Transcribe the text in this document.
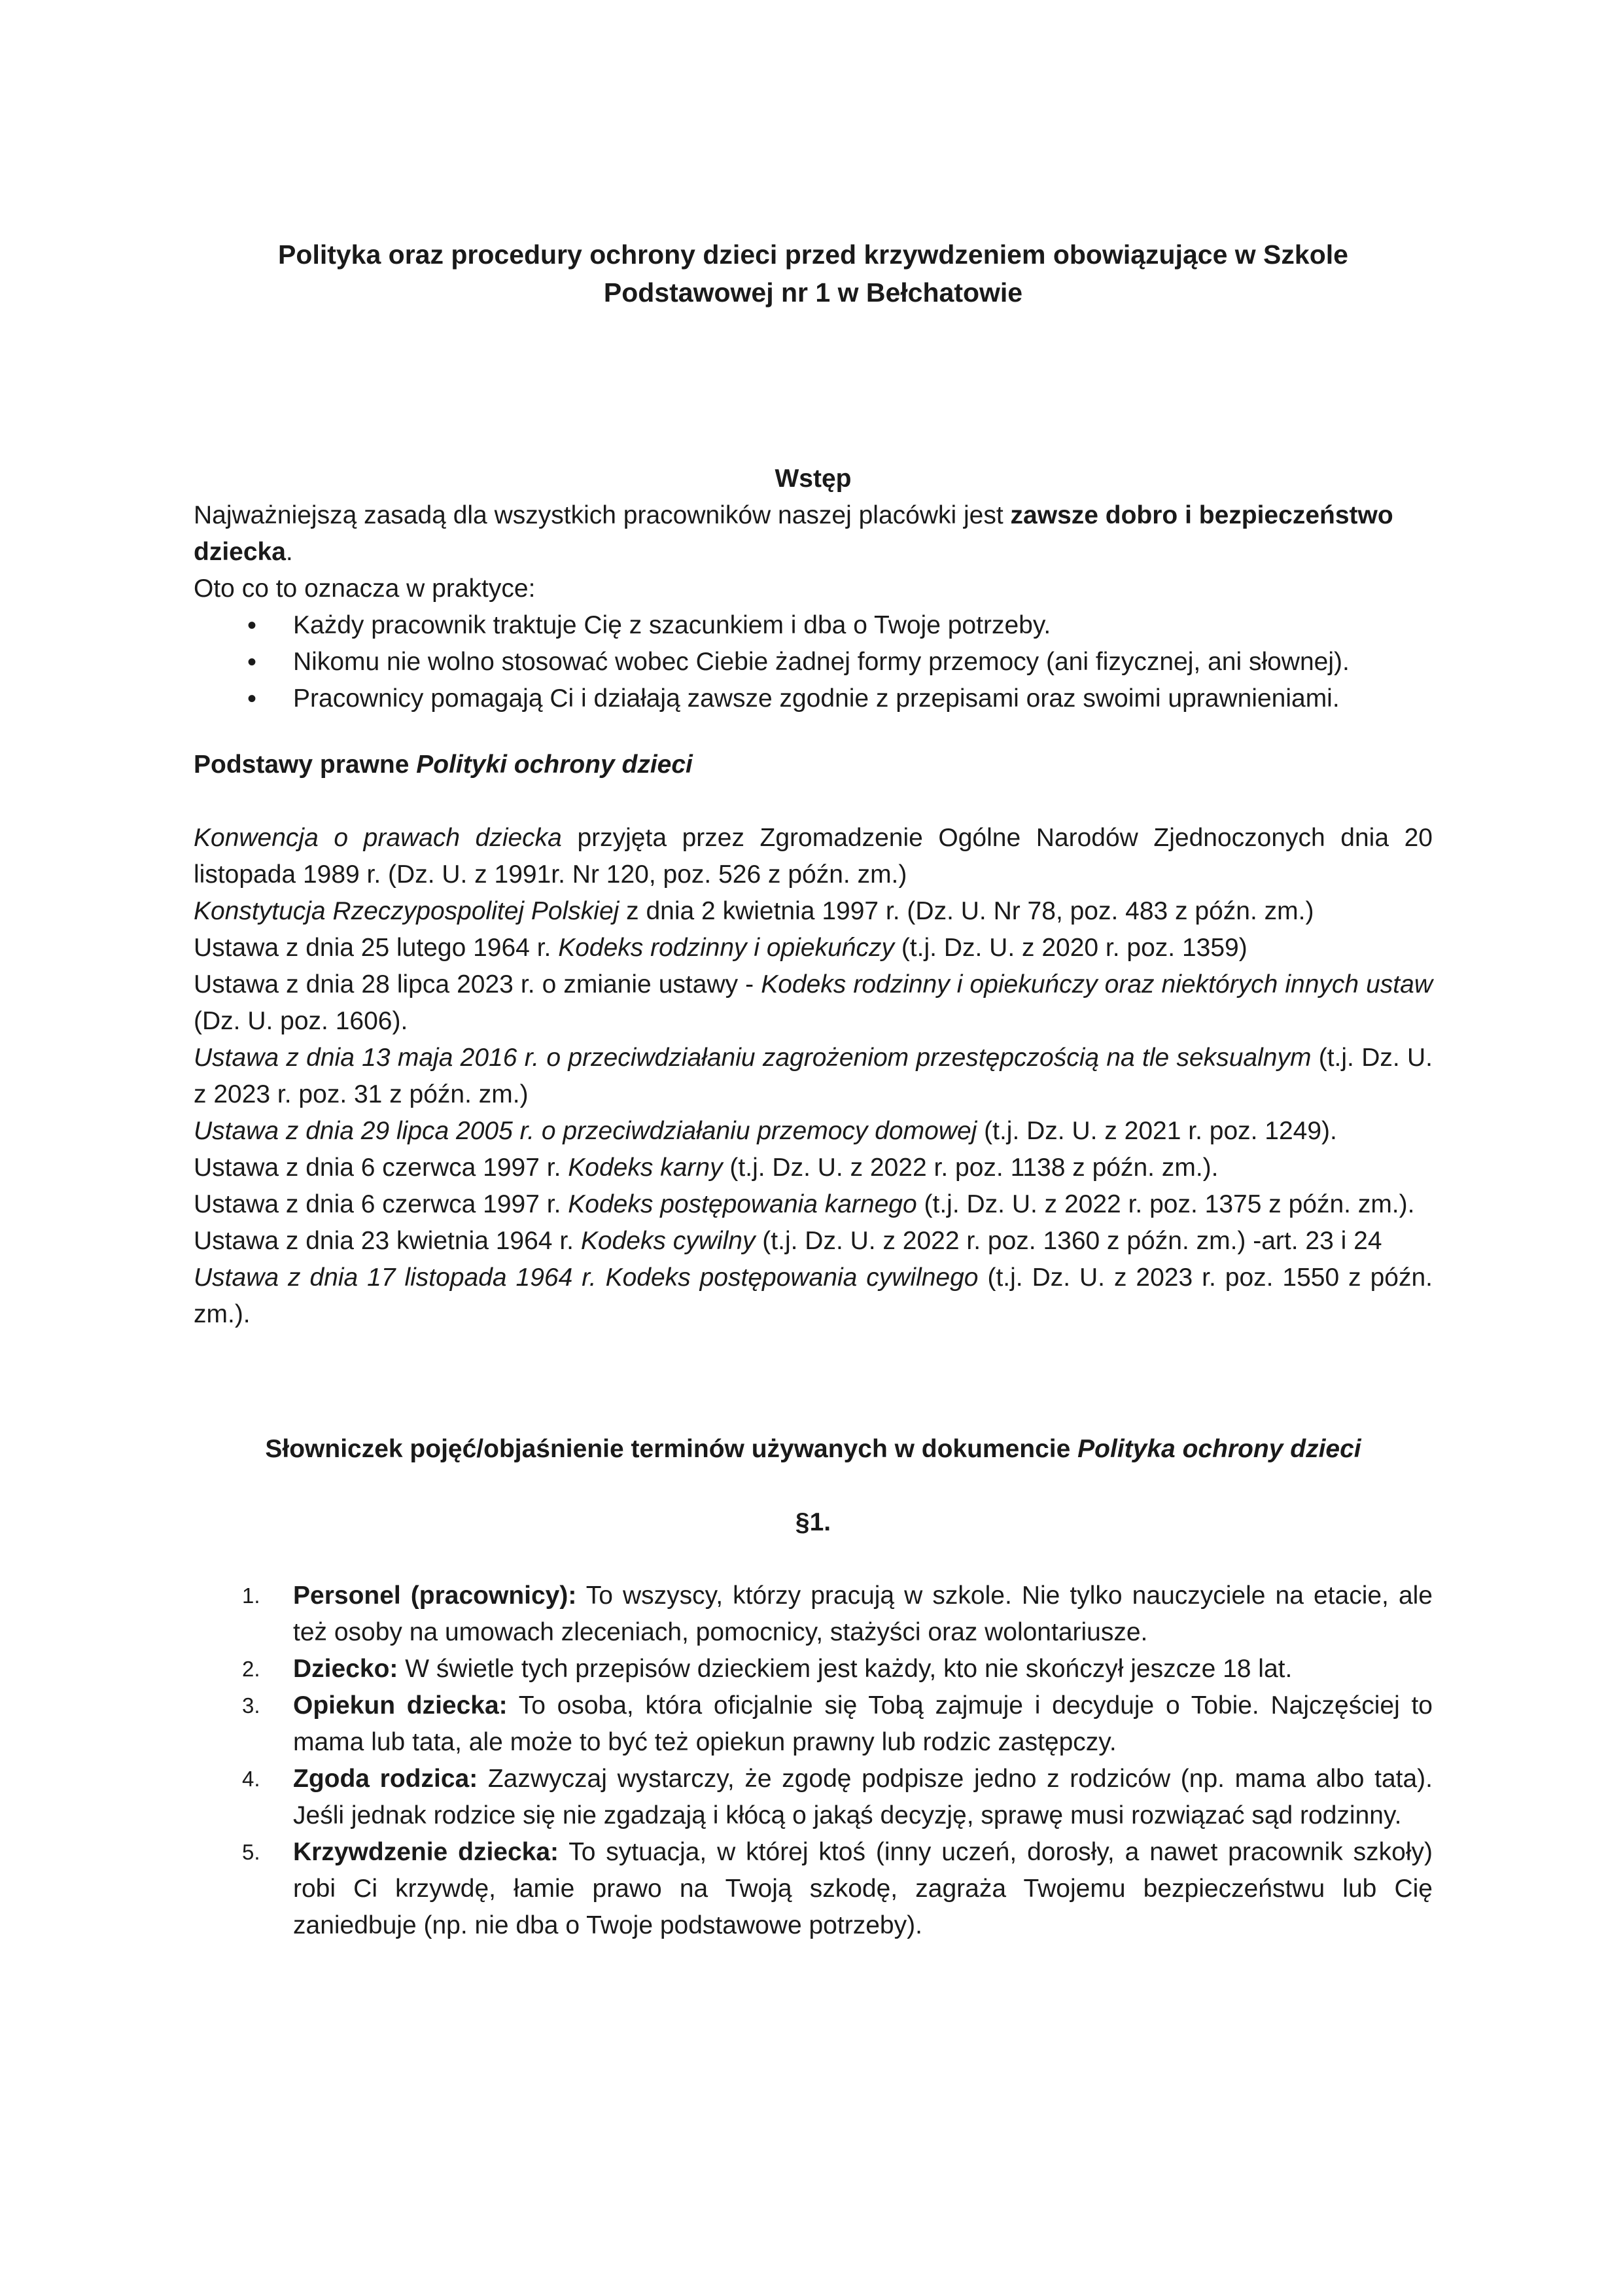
Polityka oraz procedury ochrony dzieci przed krzywdzeniem obowiązujące w Szkole
Podstawowej nr 1 w Bełchatowie

Wstęp

Najważniejszą zasadą dla wszystkich pracowników naszej placówki jest zawsze dobro i bezpieczeństwo dziecka.

Oto co to oznacza w praktyce:

• Każdy pracownik traktuje Cię z szacunkiem i dba o Twoje potrzeby.
• Nikomu nie wolno stosować wobec Ciebie żadnej formy przemocy (ani fizycznej, ani słownej).
• Pracownicy pomagają Ci i działają zawsze zgodnie z przepisami oraz swoimi uprawnieniami.

Podstawy prawne Polityki ochrony dzieci

Konwencja o prawach dziecka przyjęta przez Zgromadzenie Ogólne Narodów Zjednoczonych dnia 20 listopada 1989 r. (Dz. U. z 1991r. Nr 120, poz. 526 z późn. zm.)

Konstytucja Rzeczypospolitej Polskiej z dnia 2 kwietnia 1997 r. (Dz. U. Nr 78, poz. 483 z późn. zm.)

Ustawa z dnia 25 lutego 1964 r. Kodeks rodzinny i opiekuńczy (t.j. Dz. U. z 2020 r. poz. 1359)

Ustawa z dnia 28 lipca 2023 r. o zmianie ustawy - Kodeks rodzinny i opiekuńczy oraz niektórych innych ustaw (Dz. U. poz. 1606).

Ustawa z dnia 13 maja 2016 r. o przeciwdziałaniu zagrożeniom przestępczością na tle seksualnym (t.j. Dz. U. z 2023 r. poz. 31 z późn. zm.)

Ustawa z dnia 29 lipca 2005 r. o przeciwdziałaniu przemocy domowej (t.j. Dz. U. z 2021 r. poz. 1249).

Ustawa z dnia 6 czerwca 1997 r. Kodeks karny (t.j. Dz. U. z 2022 r. poz. 1138 z późn. zm.).

Ustawa z dnia 6 czerwca 1997 r. Kodeks postępowania karnego (t.j. Dz. U. z 2022 r. poz. 1375 z późn. zm.).

Ustawa z dnia 23 kwietnia 1964 r. Kodeks cywilny (t.j. Dz. U. z 2022 r. poz. 1360 z późn. zm.) -art. 23 i 24

Ustawa z dnia 17 listopada 1964 r. Kodeks postępowania cywilnego (t.j. Dz. U. z 2023 r. poz. 1550 z późn. zm.).

Słowniczek pojęć/objaśnienie terminów używanych w dokumencie Polityka ochrony dzieci

§1.

1. Personel (pracownicy): To wszyscy, którzy pracują w szkole. Nie tylko nauczyciele na etacie, ale też osoby na umowach zleceniach, pomocnicy, stażyści oraz wolontariusze.
2. Dziecko: W świetle tych przepisów dzieckiem jest każdy, kto nie skończył jeszcze 18 lat.
3. Opiekun dziecka: To osoba, która oficjalnie się Tobą zajmuje i decyduje o Tobie. Najczęściej to mama lub tata, ale może to być też opiekun prawny lub rodzic zastępczy.
4. Zgoda rodzica: Zazwyczaj wystarczy, że zgodę podpisze jedno z rodziców (np. mama albo tata). Jeśli jednak rodzice się nie zgadzają i kłócą o jakąś decyzję, sprawę musi rozwiązać sąd rodzinny.
5. Krzywdzenie dziecka: To sytuacja, w której ktoś (inny uczeń, dorosły, a nawet pracownik szkoły) robi Ci krzywdę, łamie prawo na Twoją szkodę, zagraża Twojemu bezpieczeństwu lub Cię zaniedbuje (np. nie dba o Twoje podstawowe potrzeby).
